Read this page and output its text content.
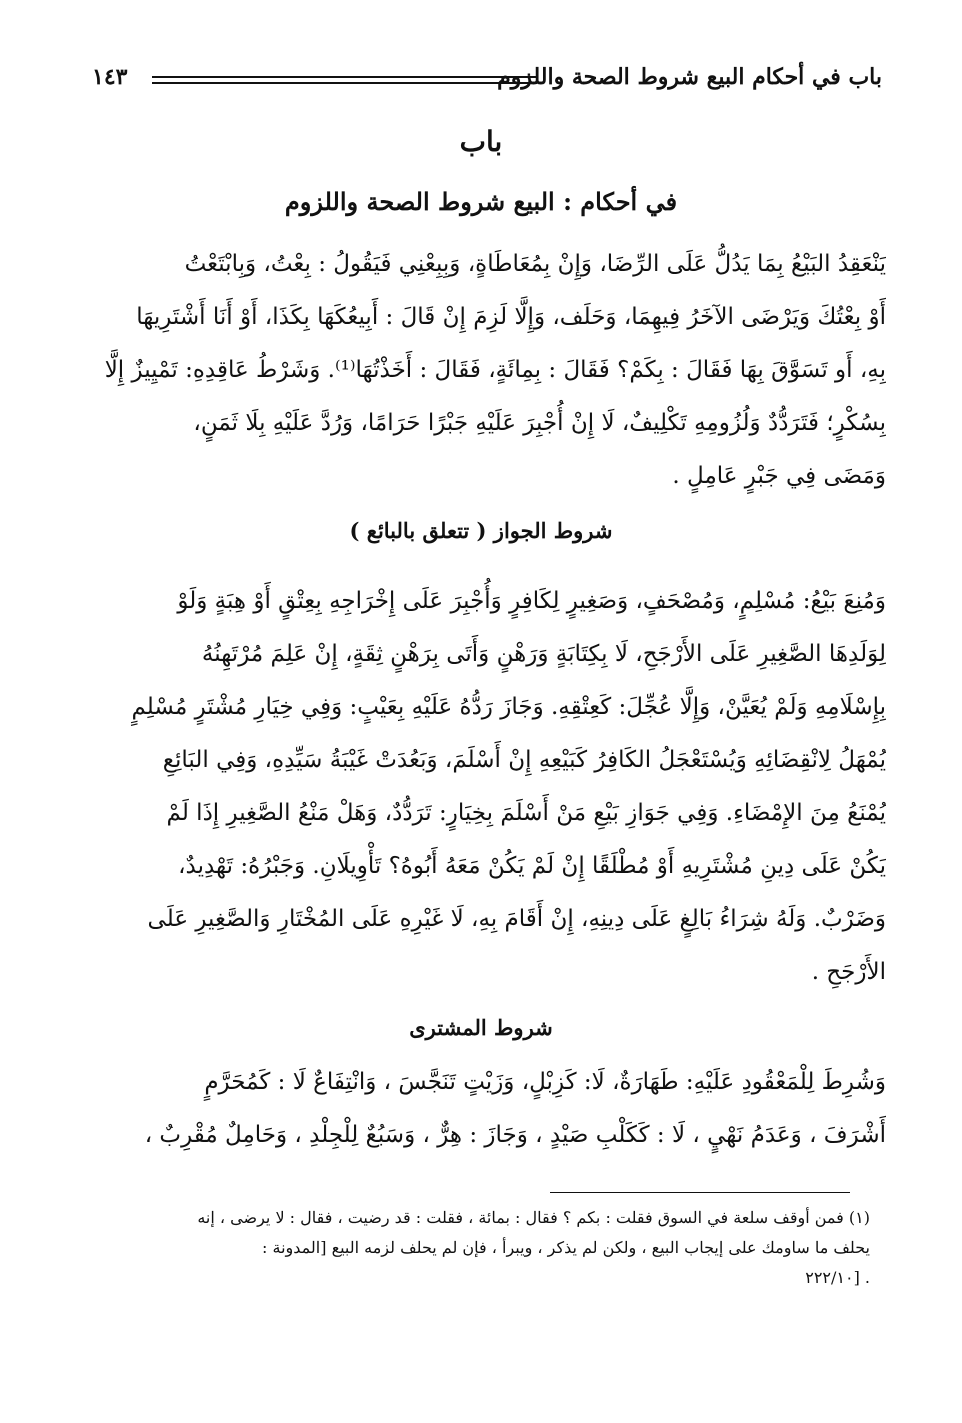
باب في أحكام البيع شروط الصحة واللزوم
١٤٣
باب
في أحكام : البيع شروط الصحة واللزوم
يَنْعَقِدُ البَيْعُ بِمَا يَدُلُّ عَلَى الرِّضَا، وَإِنْ بِمُعَاطَاةٍ، وَبِبِعْنِي فَيَقُولُ : بِعْتُ، وَبِابْتَعْتُ
أَوْ بِعْتُكَ وَيَرْضَى الآخَرُ فِيهِمَا، وَحَلَف، وَإِلَّا لَزِمَ إِنْ قَالَ : أَبِيعُكَهَا بِكَذَا، أَوْ أَنَا أَشْتَرِيهَا
بِهِ، أَو تَسَوَّقَ بِهَا فَقَالَ : بِكَمْ؟ فَقَالَ : بِمِائَةٍ، فَقَالَ : أَخَذْتُهَا⁽¹⁾. وَشَرْطُ عَاقِدِهِ: تَمْيِيزٌ إِلَّا
بِسُكْرٍ؛ فَتَرَدُّدٌ وَلُزُومِهِ تَكْلِيفٌ، لَا إِنْ أُجْبِرَ عَلَيْهِ جَبْرًا حَرَامًا، وَرُدَّ عَلَيْهِ بِلَا ثَمَنٍ،
وَمَضَى فِي جَبْرٍ عَامِلٍ .
شروط الجواز ( تتعلق بالبائع )
وَمُنِعَ بَيْعُ: مُسْلِمٍ، وَمُصْحَفٍ، وَصَغِيرٍ لِكَافِرٍ وَأُجْبِرَ عَلَى إِخْرَاجِهِ بِعِتْقٍ أَوْ هِبَةٍ وَلَوْ
لِوَلَدِهَا الصَّغِيرِ عَلَى الأَرْجَحِ، لَا بِكِتَابَةٍ وَرَهْنٍ وَأَتَى بِرَهْنٍ ثِقَةٍ، إِنْ عَلِمَ مُرْتَهِنُهُ
بِإِسْلَامِهِ وَلَمْ يُعَيَّنْ، وَإِلَّا عُجِّلَ: كَعِتْقِهِ. وَجَازَ رَدُّهُ عَلَيْهِ بِعَيْبٍ: وَفِي خِيَارِ مُشْتَرٍ مُسْلِمٍ
يُمْهَلُ لِانْقِضَائِهِ وَيُسْتَعْجَلُ الكَافِرُ كَبَيْعِهِ إِنْ أَسْلَمَ، وَبَعُدَتْ غَيْبَةُ سَيِّدِهِ، وَفِي البَائِعِ
يُمْنَعُ مِنَ الإِمْضَاءِ. وَفِي جَوَازِ بَيْعِ مَنْ أَسْلَمَ بِخِيَارٍ: تَرَدُّدٌ، وَهَلْ مَنْعُ الصَّغِيرِ إِذَا لَمْ
يَكُنْ عَلَى دِينِ مُشْتَرِيهِ أَوْ مُطْلَقًا إِنْ لَمْ يَكُنْ مَعَهُ أَبُوهُ؟ تَأْوِيلَانِ. وَجَبْرُهُ: تَهْدِيدٌ،
وَضَرْبٌ. وَلَهُ شِرَاءُ بَالِغٍ عَلَى دِينِهِ، إِنْ أَقَامَ بِهِ، لَا غَيْرِهِ عَلَى المُخْتَارِ وَالصَّغِيرِ عَلَى
الأَرْجَحِ .
شروط المشترى
وَشُرِطَ لِلْمَعْقُودِ عَلَيْهِ: طَهَارَةٌ، لَا: كَزِبْلٍ، وَزَيْتٍ تَنَجَّسَ ، وَانْتِفَاعٌ لَا : كَمُحَرَّمٍ
أَشْرَفَ ، وَعَدَمُ نَهْيٍ ، لَا : كَكَلْبِ صَيْدٍ ، وَجَازَ : هِرٌّ ، وَسَبُعٌ لِلْجِلْدِ ، وَحَامِلٌ مُقْرِبٌ ،
(١) فمن أوقف سلعة في السوق فقلت : بكم ؟ فقال : بمائة ، فقلت : قد رضيت ، فقال : لا يرضى ، إنه
يحلف ما ساومك على إيجاب البيع ، ولكن لم يذكر ، ويبرأ ، فإن لم يحلف لزمه البيع [المدونة :
. [٢٢٢/١٠
